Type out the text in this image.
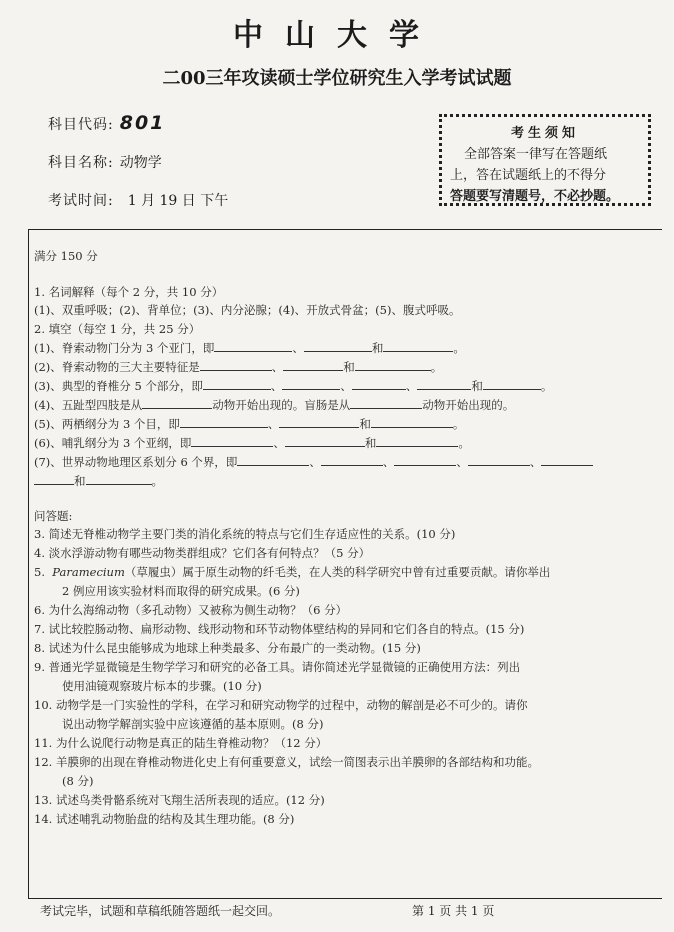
中山大学
二00三年攻读硕士学位研究生入学考试试题
科目代码: 801
科目名称: 动物学
考试时间: 1 月 19 日 下午
考生须知
全部答案一律写在答题纸
上，答在试题纸上的不得分
答题要写清题号，不必抄题。
满分 150 分
1. 名词解释（每个 2 分，共 10 分）
(1)、双重呼吸；(2)、背单位；(3)、内分泌腺；(4)、开放式骨盆；(5)、腹式呼吸。
2. 填空（每空 1 分，共 25 分）
(1)、脊索动物门分为 3 个亚门，即	、	和	。
(2)、脊索动物的三大主要特征是	、	和	。
(3)、典型的脊椎分 5 个部分，即	、	、	、	和	。
(4)、五趾型四肢是从	动物开始出现的。盲肠是从	动物开始出现的。
(5)、两栖纲分为 3 个目，即	、	和	。
(6)、哺乳纲分为 3 个亚纲，即	、	和	。
(7)、世界动物地理区系划分 6 个界，即	、	、	、	、
和	。
问答题:
3. 简述无脊椎动物学主要门类的消化系统的特点与它们生存适应性的关系。(10 分)
4. 淡水浮游动物有哪些动物类群组成？它们各有何特点？（5 分）
5.  Paramecium（草履虫）属于原生动物的纤毛类，在人类的科学研究中曾有过重要贡献。请你举出
2 例应用该实验材料而取得的研究成果。(6 分)
6. 为什么海绵动物（多孔动物）又被称为侧生动物？（6 分）
7. 试比较腔肠动物、扁形动物、线形动物和环节动物体壁结构的异同和它们各自的特点。(15 分)
8. 试述为什么昆虫能够成为地球上种类最多、分布最广的一类动物。(15 分)
9. 普通光学显微镜是生物学学习和研究的必备工具。请你简述光学显微镜的正确使用方法：列出
使用油镜观察玻片标本的步骤。(10 分)
10. 动物学是一门实验性的学科，在学习和研究动物学的过程中，动物的解剖是必不可少的。请你
说出动物学解剖实验中应该遵循的基本原则。(8 分)
11. 为什么说爬行动物是真正的陆生脊椎动物？（12 分）
12. 羊膜卵的出现在脊椎动物进化史上有何重要意义，试绘一简图表示出羊膜卵的各部结构和功能。
(8 分)
13. 试述鸟类骨骼系统对飞翔生活所表现的适应。(12 分)
14. 试述哺乳动物胎盘的结构及其生理功能。(8 分)
考试完毕，试题和草稿纸随答题纸一起交回。	第 1 页 共 1 页
